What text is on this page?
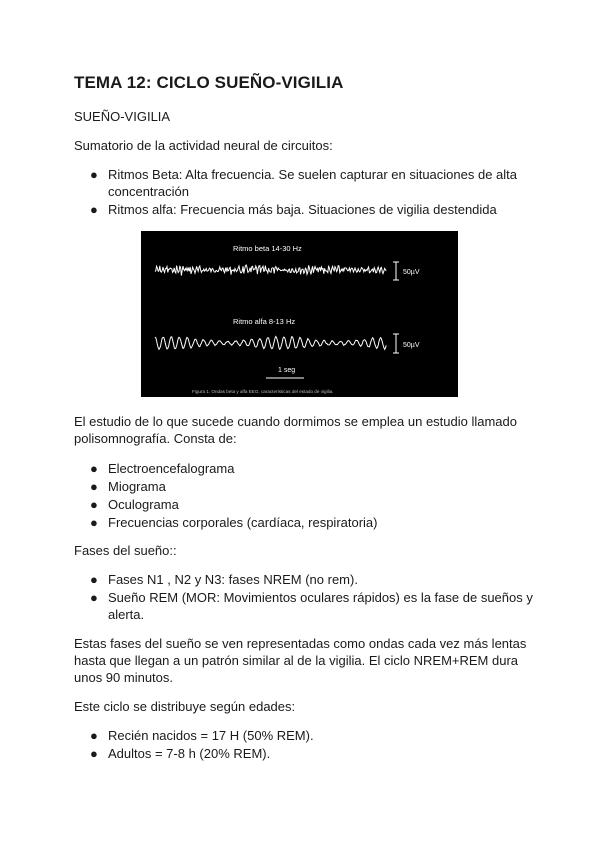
TEMA 12: CICLO SUEÑO-VIGILIA

SUEÑO-VIGILIA

Sumatorio de la actividad neural de circuitos:

● Ritmos Beta: Alta frecuencia. Se suelen capturar en situaciones de alta concentración
● Ritmos alfa: Frecuencia más baja. Situaciones de vigilia destendida
Ritmo beta 14-30 Hz
50µV
Ritmo alfa 8-13 Hz
50µV
1 seg
Figura 1. Ondas beta y alfa EEG, características del estado de vigilia.

El estudio de lo que sucede cuando dormimos se emplea un estudio llamado polisomnografía. Consta de:

● Electroencefalograma
● Miograma
● Oculograma
● Frecuencias corporales (cardíaca, respiratoria)

Fases del sueño::

● Fases N1 , N2 y N3: fases NREM (no rem).
● Sueño REM (MOR: Movimientos oculares rápidos) es la fase de sueños y alerta.

Estas fases del sueño se ven representadas como ondas cada vez más lentas hasta que llegan a un patrón similar al de la vigilia. El ciclo NREM+REM dura unos 90 minutos.

Este ciclo se distribuye según edades:

● Recién nacidos = 17 H (50% REM).
● Adultos = 7-8 h (20% REM).
